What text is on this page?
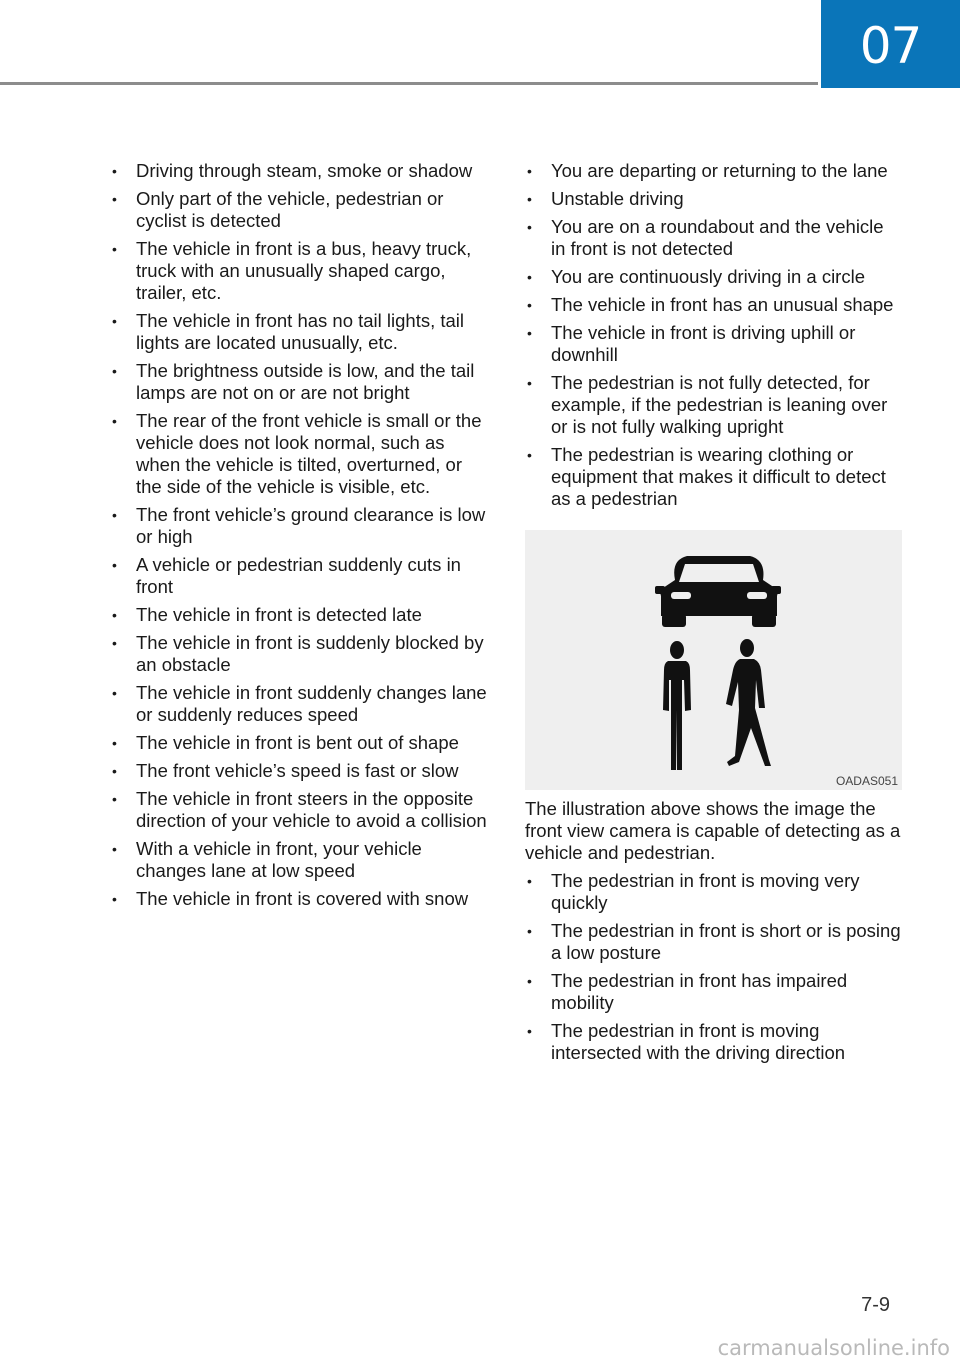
07
• Driving through steam, smoke or shadow
• Only part of the vehicle, pedestrian or cyclist is detected
• The vehicle in front is a bus, heavy truck, truck with an unusually shaped cargo, trailer, etc.
• The vehicle in front has no tail lights, tail lights are located unusually, etc.
• The brightness outside is low, and the tail lamps are not on or are not bright
• The rear of the front vehicle is small or the vehicle does not look normal, such as when the vehicle is tilted, overturned, or the side of the vehicle is visible, etc.
• The front vehicle’s ground clearance is low or high
• A vehicle or pedestrian suddenly cuts in front
• The vehicle in front is detected late
• The vehicle in front is suddenly blocked by an obstacle
• The vehicle in front suddenly changes lane or suddenly reduces speed
• The vehicle in front is bent out of shape
• The front vehicle’s speed is fast or slow
• The vehicle in front steers in the opposite direction of your vehicle to avoid a collision
• With a vehicle in front, your vehicle changes lane at low speed
• The vehicle in front is covered with snow
• You are departing or returning to the lane
• Unstable driving
• You are on a roundabout and the vehicle in front is not detected
• You are continuously driving in a circle
• The vehicle in front has an unusual shape
• The vehicle in front is driving uphill or downhill
• The pedestrian is not fully detected, for example, if the pedestrian is leaning over or is not fully walking upright
• The pedestrian is wearing clothing or equipment that makes it difficult to detect as a pedestrian
OADAS051

The illustration above shows the image the front view camera is capable of detecting as a vehicle and pedestrian.

• The pedestrian in front is moving very quickly
• The pedestrian in front is short or is posing a low posture
• The pedestrian in front has impaired mobility
• The pedestrian in front is moving intersected with the driving direction
7-9
carmanualsonline.info
